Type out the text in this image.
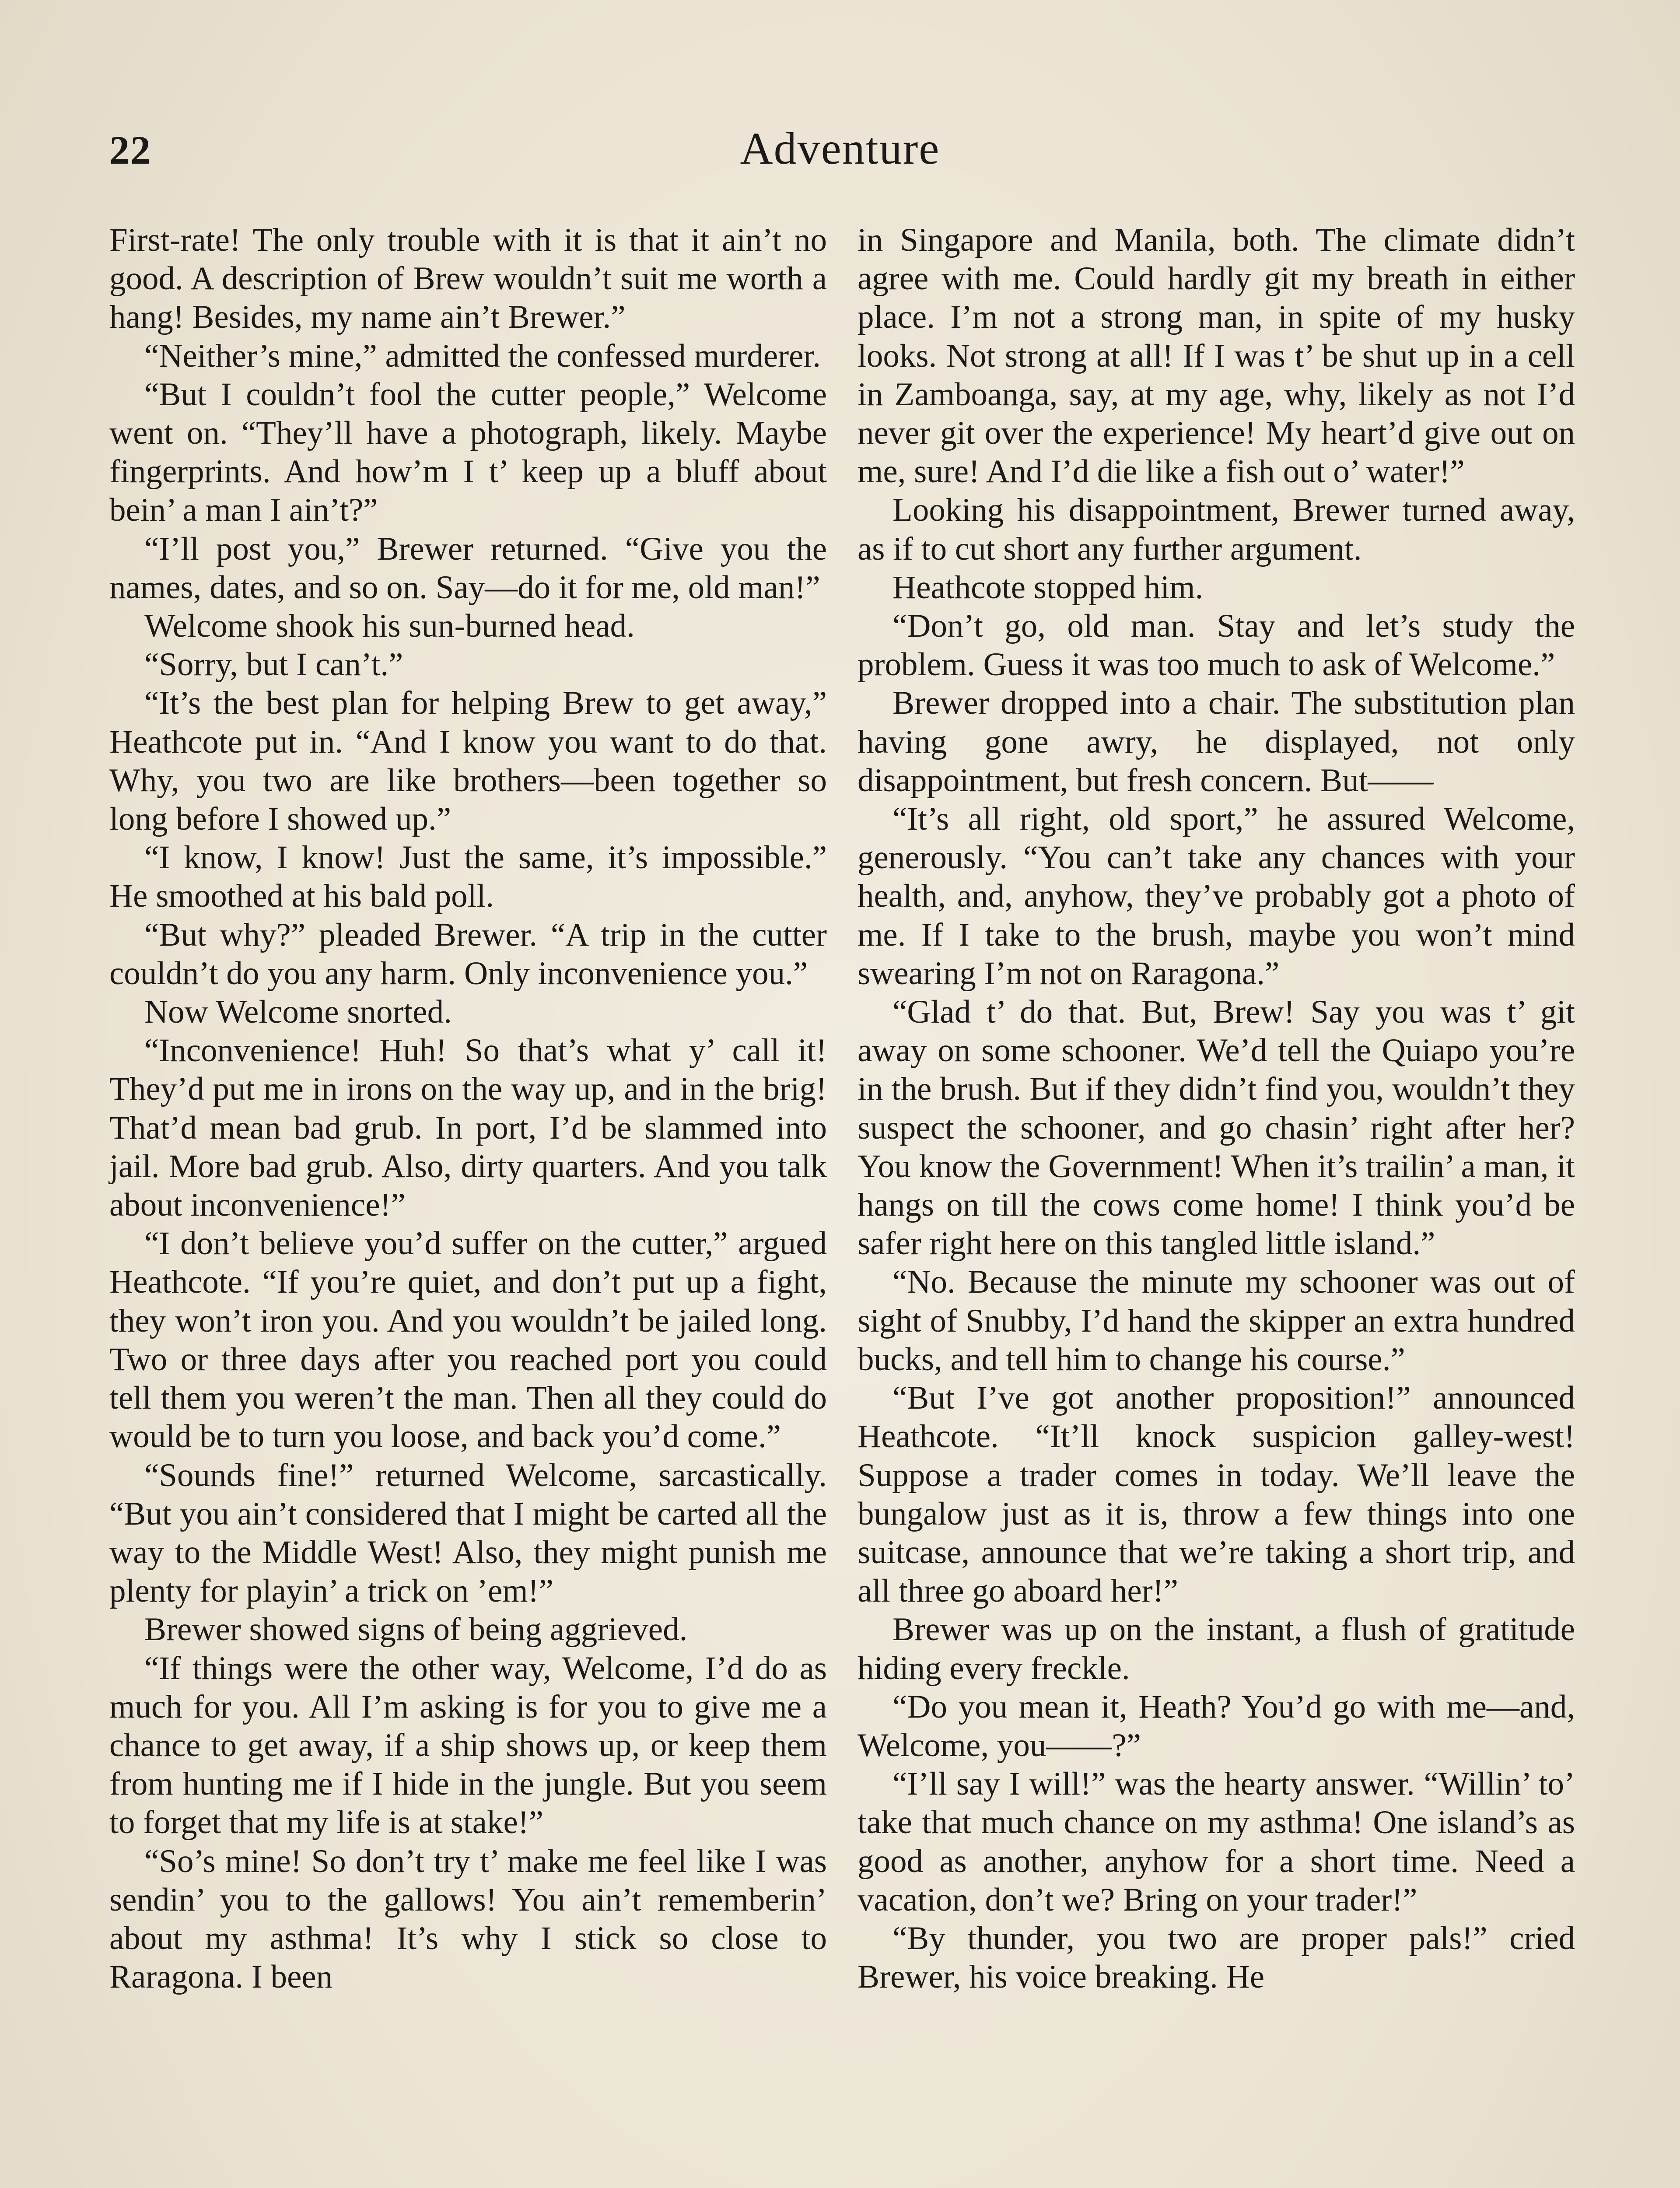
22	Adventure

First-rate! The only trouble with it is that it ain’t no good. A description of Brew wouldn’t suit me worth a hang! Besides, my name ain’t Brewer.”

“Neither’s mine,” admitted the confessed murderer.

“But I couldn’t fool the cutter people,” Welcome went on. “They’ll have a photograph, likely. Maybe fingerprints. And how’m I t’ keep up a bluff about bein’ a man I ain’t?”

“I’ll post you,” Brewer returned. “Give you the names, dates, and so on. Say—do it for me, old man!”

Welcome shook his sun-burned head.

“Sorry, but I can’t.”

“It’s the best plan for helping Brew to get away,” Heathcote put in. “And I know you want to do that. Why, you two are like brothers—been together so long before I showed up.”

“I know, I know! Just the same, it’s impossible.” He smoothed at his bald poll.

“But why?” pleaded Brewer. “A trip in the cutter couldn’t do you any harm. Only inconvenience you.”

Now Welcome snorted.

“Inconvenience! Huh! So that’s what y’ call it! They’d put me in irons on the way up, and in the brig! That’d mean bad grub. In port, I’d be slammed into jail. More bad grub. Also, dirty quarters. And you talk about inconvenience!”

“I don’t believe you’d suffer on the cutter,” argued Heathcote. “If you’re quiet, and don’t put up a fight, they won’t iron you. And you wouldn’t be jailed long. Two or three days after you reached port you could tell them you weren’t the man. Then all they could do would be to turn you loose, and back you’d come.”

“Sounds fine!” returned Welcome, sarcastically. “But you ain’t considered that I might be carted all the way to the Middle West! Also, they might punish me plenty for playin’ a trick on ’em!”

Brewer showed signs of being aggrieved.

“If things were the other way, Welcome, I’d do as much for you. All I’m asking is for you to give me a chance to get away, if a ship shows up, or keep them from hunting me if I hide in the jungle. But you seem to forget that my life is at stake!”

“So’s mine! So don’t try t’ make me feel like I was sendin’ you to the gallows! You ain’t rememberin’ about my asthma! It’s why I stick so close to Raragona. I been

in Singapore and Manila, both. The climate didn’t agree with me. Could hardly git my breath in either place. I’m not a strong man, in spite of my husky looks. Not strong at all! If I was t’ be shut up in a cell in Zamboanga, say, at my age, why, likely as not I’d never git over the experience! My heart’d give out on me, sure! And I’d die like a fish out o’ water!”

Looking his disappointment, Brewer turned away, as if to cut short any further argument.

Heathcote stopped him.

“Don’t go, old man. Stay and let’s study the problem. Guess it was too much to ask of Welcome.”

Brewer dropped into a chair. The substitution plan having gone awry, he displayed, not only disappointment, but fresh concern. But——

“It’s all right, old sport,” he assured Welcome, generously. “You can’t take any chances with your health, and, anyhow, they’ve probably got a photo of me. If I take to the brush, maybe you won’t mind swearing I’m not on Raragona.”

“Glad t’ do that. But, Brew! Say you was t’ git away on some schooner. We’d tell the Quiapo you’re in the brush. But if they didn’t find you, wouldn’t they suspect the schooner, and go chasin’ right after her? You know the Government! When it’s trailin’ a man, it hangs on till the cows come home! I think you’d be safer right here on this tangled little island.”

“No. Because the minute my schooner was out of sight of Snubby, I’d hand the skipper an extra hundred bucks, and tell him to change his course.”

“But I’ve got another proposition!” announced Heathcote. “It’ll knock suspicion galley-west! Suppose a trader comes in today. We’ll leave the bungalow just as it is, throw a few things into one suitcase, announce that we’re taking a short trip, and all three go aboard her!”

Brewer was up on the instant, a flush of gratitude hiding every freckle.

“Do you mean it, Heath? You’d go with me—and, Welcome, you——?”

“I’ll say I will!” was the hearty answer. “Willin’ to’ take that much chance on my asthma! One island’s as good as another, anyhow for a short time. Need a vacation, don’t we? Bring on your trader!”

“By thunder, you two are proper pals!” cried Brewer, his voice breaking. He
